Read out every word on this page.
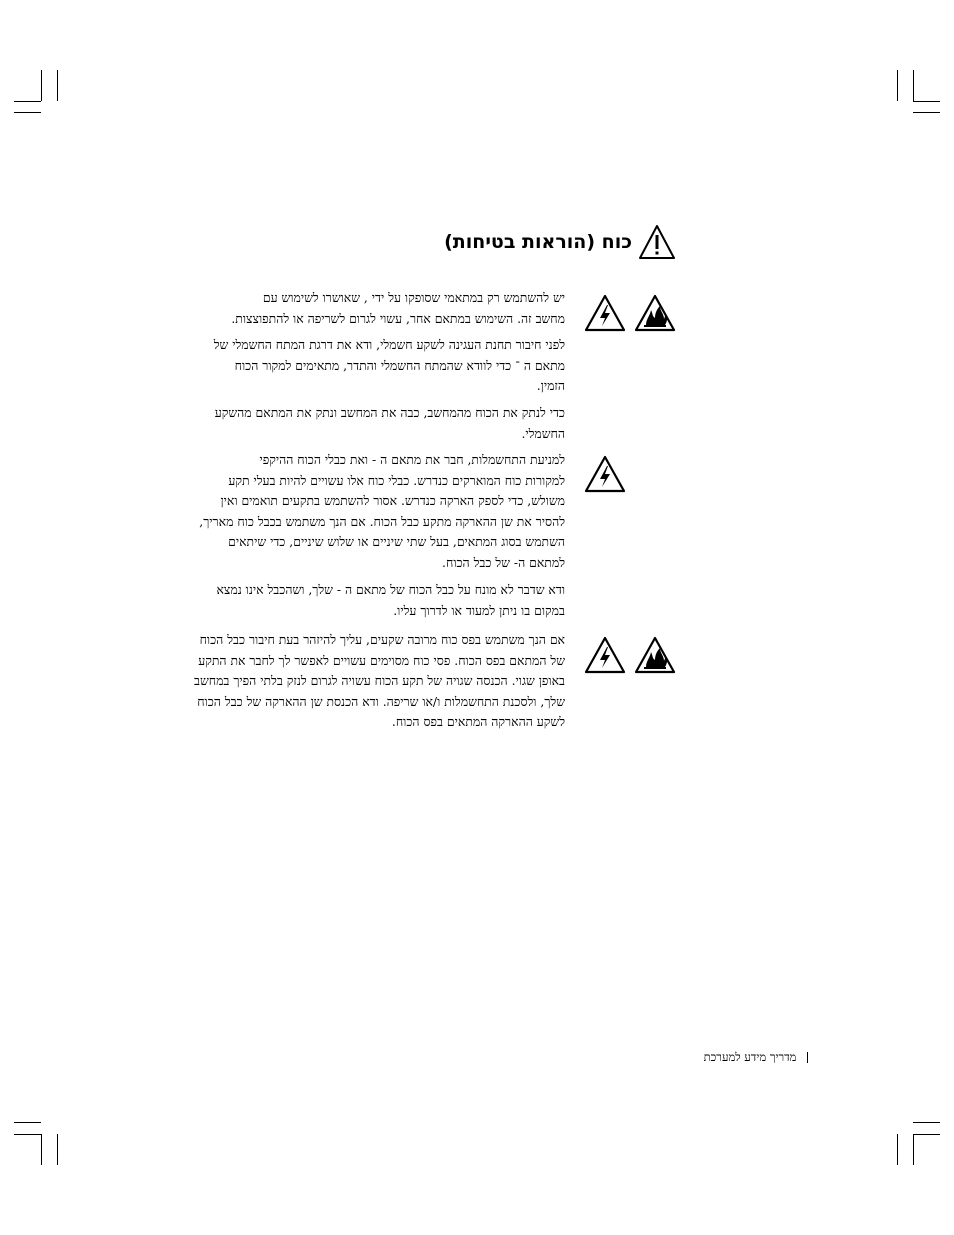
כוח (הוראות בטיחות)
יש להשתמש רק במתאמי שסופקו על ידי , שאושרו לשימוש עם
מחשב זה. השימוש במתאם אחר, עשוי לגרום לשריפה או להתפוצצות.
לפני חיבור תחנת העגינה לשקע חשמלי, ודא את דרגת המתח החשמלי של
מתאם ה ־ כדי לוודא שהמתח החשמלי והתדר, מתאימים למקור הכוח
הזמין.
כדי לנתק את הכוח מהמחשב, כבה את המחשב ונתק את המתאם מהשקע
החשמלי.
למניעת התחשמלות, חבר את מתאם ה - ואת כבלי הכוח ההיקפי
למקורות כוח המוארקים כנדרש. כבלי כוח אלו עשויים להיות בעלי תקע
משולש, כדי לספק הארקה כנדרש. אסור להשתמש בתקעים תואמים ואין
להסיר את שן ההארקה מתקע כבל הכוח. אם הנך משתמש בכבל כוח מאריך,
השתמש בסוג המתאים, בעל שתי שיניים או שלוש שיניים, כדי שיתאים
למתאם ה- של כבל הכוח.
ודא שדבר לא מונח על כבל הכוח של מתאם ה - שלך, ושהכבל אינו נמצא
במקום בו ניתן למעוד או לדרוך עליו.
אם הנך משתמש בפס כוח מרובה שקעים, עליך להיזהר בעת חיבור כבל הכוח
של המתאם בפס הכוח. פסי כוח מסוימים עשויים לאפשר לך לחבר את התקע
באופן שגוי. הכנסה שגויה של תקע הכוח עשויה לגרום לנזק בלתי הפיך במחשב
שלך, ולסכנת התחשמלות ו/או שריפה. ודא הכנסת שן ההארקה של כבל הכוח
לשקע ההארקה המתאים בפס הכוח.
מדריך מידע למערכת
